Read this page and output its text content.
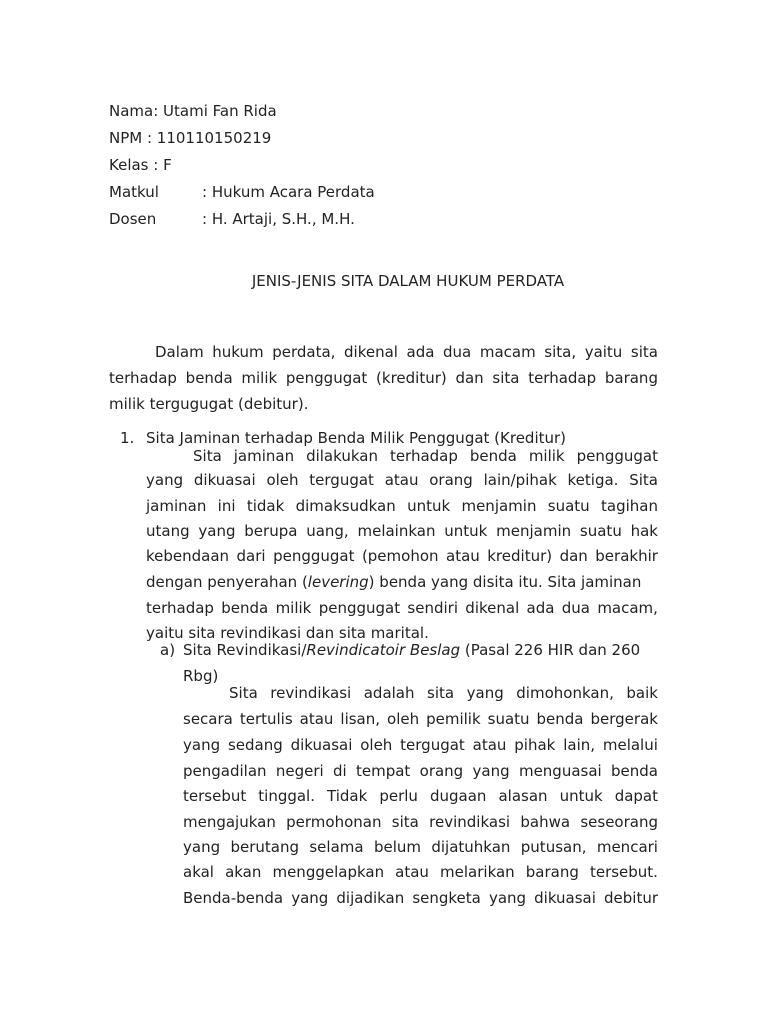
Nama: Utami Fan Rida
NPM : 110110150219
Kelas : F
Matkul	: Hukum Acara Perdata
Dosen	: H. Artaji, S.H., M.H.
JENIS-JENIS SITA DALAM HUKUM PERDATA
Dalam hukum perdata, dikenal ada dua macam sita, yaitu sita
terhadap benda milik penggugat (kreditur) dan sita terhadap barang
milik tergugugat (debitur).
1. Sita Jaminan terhadap Benda Milik Penggugat (Kreditur)
Sita jaminan dilakukan terhadap benda milik penggugat
yang dikuasai oleh tergugat atau orang lain/pihak ketiga. Sita
jaminan ini tidak dimaksudkan untuk menjamin suatu tagihan
utang yang berupa uang, melainkan untuk menjamin suatu hak
kebendaan dari penggugat (pemohon atau kreditur) dan berakhir
dengan penyerahan ( levering ) benda yang disita itu. Sita jaminan
terhadap benda milik penggugat sendiri dikenal ada dua macam,
yaitu sita revindikasi dan sita marital.
a) Sita Revindikasi/Revindicatoir Beslag (Pasal 226 HIR dan 260
Rbg)
Sita revindikasi adalah sita yang dimohonkan, baik
secara tertulis atau lisan, oleh pemilik suatu benda bergerak
yang sedang dikuasai oleh tergugat atau pihak lain, melalui
pengadilan negeri di tempat orang yang menguasai benda
tersebut tinggal. Tidak perlu dugaan alasan untuk dapat
mengajukan permohonan sita revindikasi bahwa seseorang
yang berutang selama belum dijatuhkan putusan, mencari
akal akan menggelapkan atau melarikan barang tersebut.
Benda-benda yang dijadikan sengketa yang dikuasai debitur
